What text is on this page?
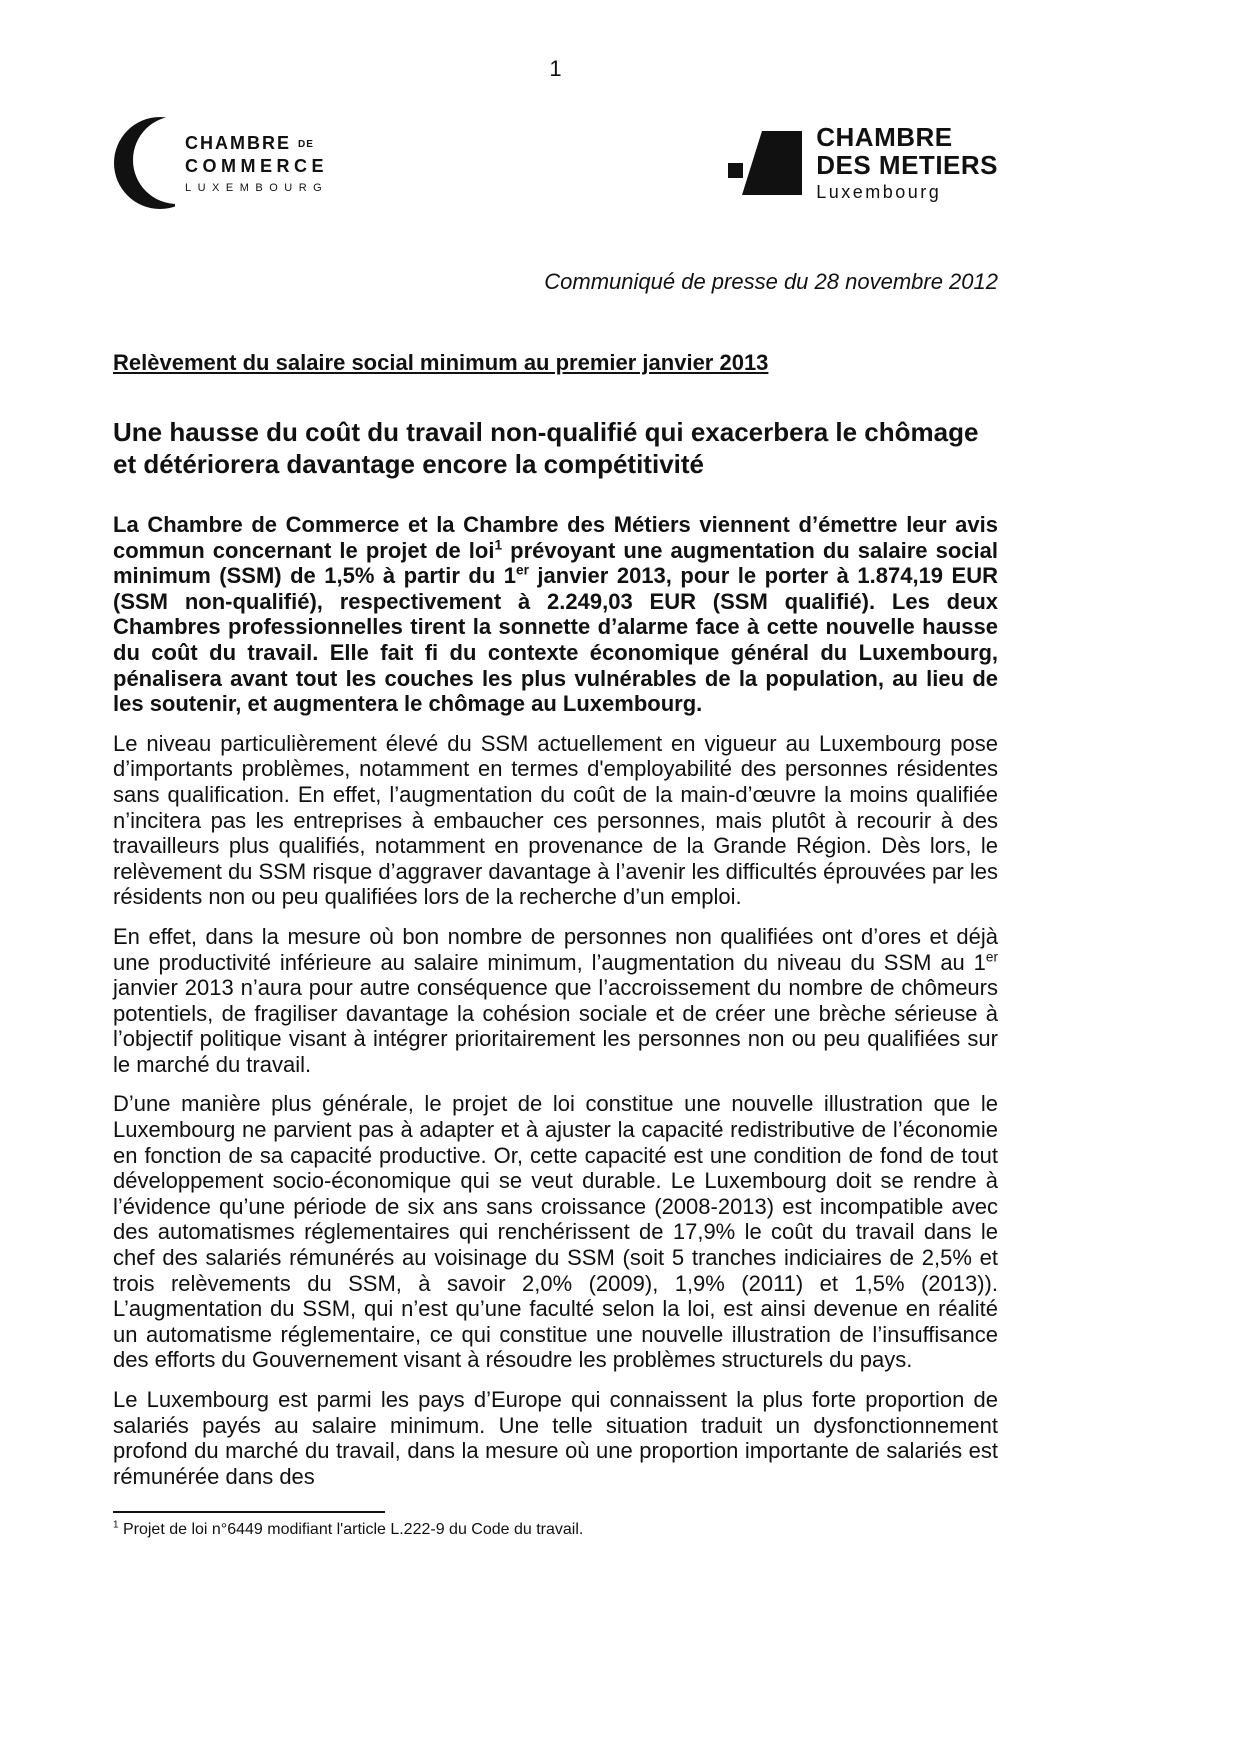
1
CHAMBRE DE
COMMERCE
LUXEMBOURG
CHAMBRE
DES METIERS
Luxembourg
Communiqué de presse du 28 novembre 2012
Relèvement du salaire social minimum au premier janvier 2013
Une hausse du coût du travail non-qualifié qui exacerbera le chômage et détériorera davantage encore la compétitivité

La Chambre de Commerce et la Chambre des Métiers viennent d’émettre leur avis commun concernant le projet de loi$^1$ prévoyant une augmentation du salaire social minimum (SSM) de 1,5% à partir du 1er janvier 2013, pour le porter à 1.874,19 EUR (SSM non-qualifié), respectivement à 2.249,03 EUR (SSM qualifié). Les deux Chambres professionnelles tirent la sonnette d’alarme face à cette nouvelle hausse du coût du travail. Elle fait fi du contexte économique général du Luxembourg, pénalisera avant tout les couches les plus vulnérables de la population, au lieu de les soutenir, et augmentera le chômage au Luxembourg.

Le niveau particulièrement élevé du SSM actuellement en vigueur au Luxembourg pose d’importants problèmes, notamment en termes d'employabilité des personnes résidentes sans qualification. En effet, l’augmentation du coût de la main-d’œuvre la moins qualifiée n’incitera pas les entreprises à embaucher ces personnes, mais plutôt à recourir à des travailleurs plus qualifiés, notamment en provenance de la Grande Région. Dès lors, le relèvement du SSM risque d’aggraver davantage à l’avenir les difficultés éprouvées par les résidents non ou peu qualifiées lors de la recherche d’un emploi.

En effet, dans la mesure où bon nombre de personnes non qualifiées ont d’ores et déjà une productivité inférieure au salaire minimum, l’augmentation du niveau du SSM au 1er janvier 2013 n’aura pour autre conséquence que l’accroissement du nombre de chômeurs potentiels, de fragiliser davantage la cohésion sociale et de créer une brèche sérieuse à l’objectif politique visant à intégrer prioritairement les personnes non ou peu qualifiées sur le marché du travail.

D’une manière plus générale, le projet de loi constitue une nouvelle illustration que le Luxembourg ne parvient pas à adapter et à ajuster la capacité redistributive de l’économie en fonction de sa capacité productive. Or, cette capacité est une condition de fond de tout développement socio-économique qui se veut durable. Le Luxembourg doit se rendre à l’évidence qu’une période de six ans sans croissance (2008-2013) est incompatible avec des automatismes réglementaires qui renchérissent de 17,9% le coût du travail dans le chef des salariés rémunérés au voisinage du SSM (soit 5 tranches indiciaires de 2,5% et trois relèvements du SSM, à savoir 2,0% (2009), 1,9% (2011) et 1,5% (2013)). L’augmentation du SSM, qui n’est qu’une faculté selon la loi, est ainsi devenue en réalité un automatisme réglementaire, ce qui constitue une nouvelle illustration de l’insuffisance des efforts du Gouvernement visant à résoudre les problèmes structurels du pays.

Le Luxembourg est parmi les pays d’Europe qui connaissent la plus forte proportion de salariés payés au salaire minimum. Une telle situation traduit un dysfonctionnement profond du marché du travail, dans la mesure où une proportion importante de salariés est rémunérée dans des

$^1$ Projet de loi n°6449 modifiant l'article L.222-9 du Code du travail.
